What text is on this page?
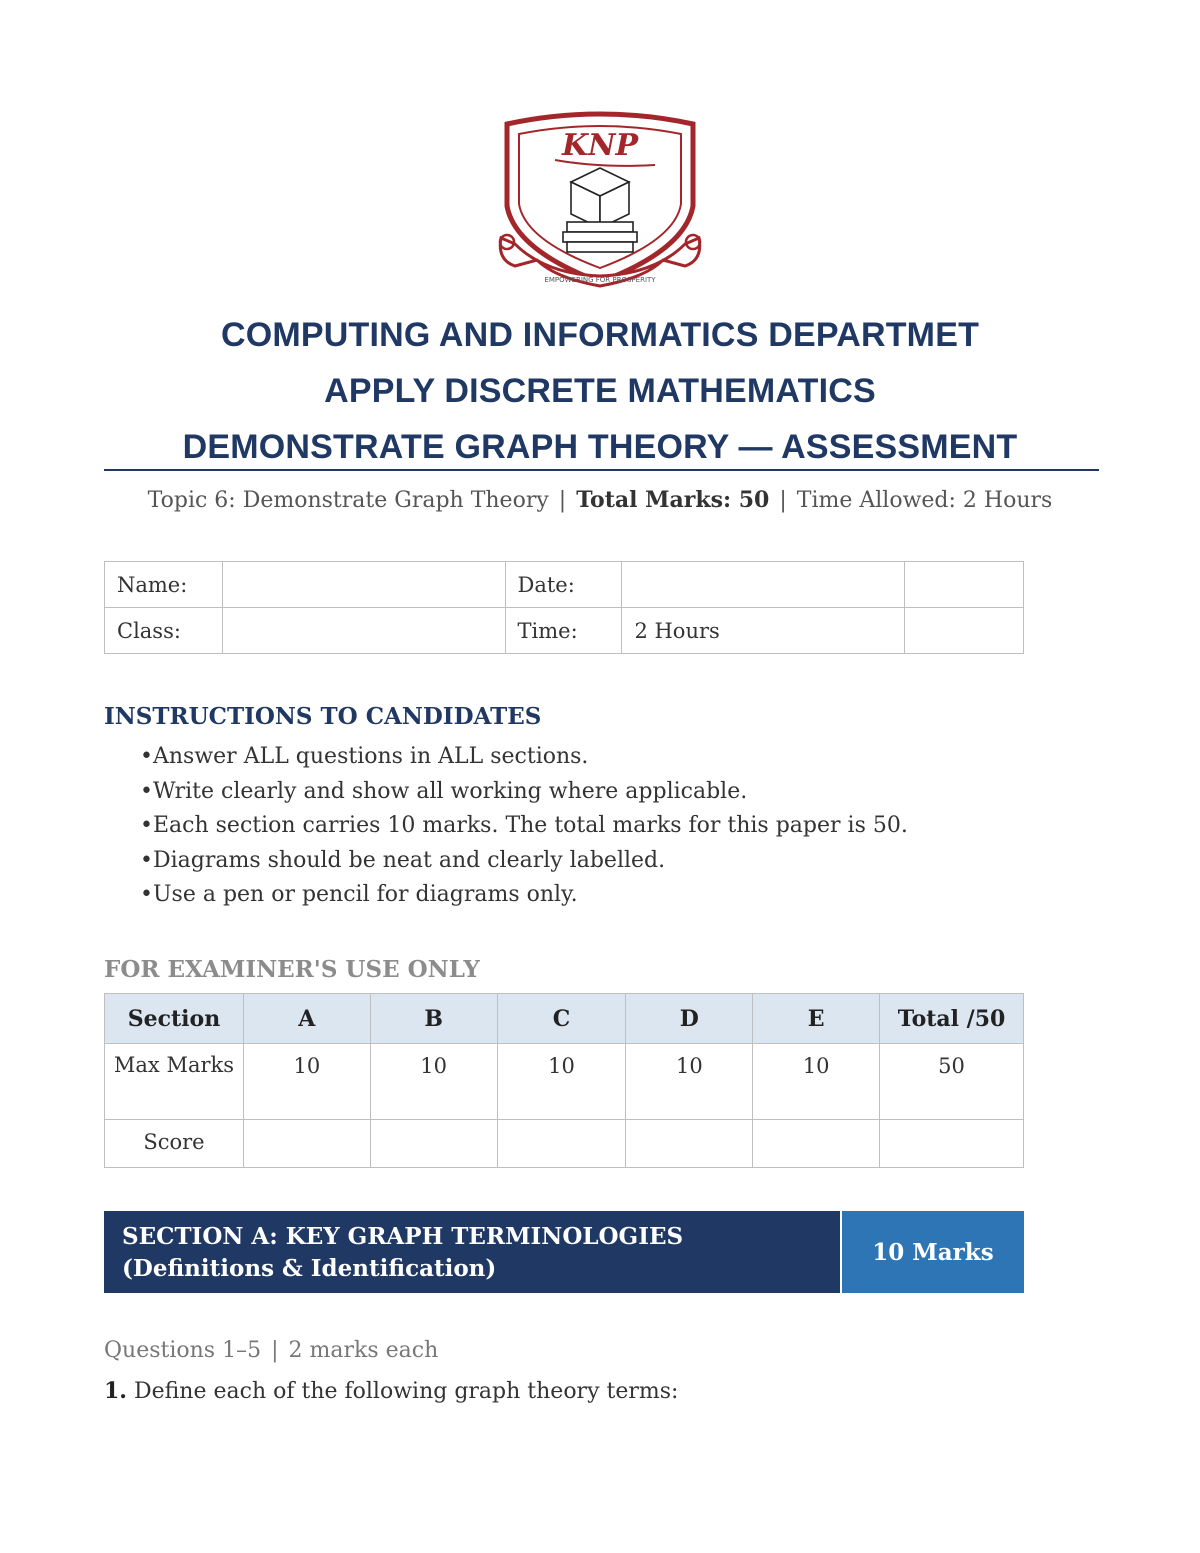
KNP
EMPOWERING FOR PROSPERITY
COMPUTING AND INFORMATICS DEPARTMET
APPLY DISCRETE MATHEMATICS
DEMONSTRATE GRAPH THEORY — ASSESSMENT
Topic 6: Demonstrate Graph Theory | Total Marks: 50 | Time Allowed: 2 Hours
Name:		Date:		
Class:		Time:	2 Hours	
INSTRUCTIONS TO CANDIDATES
• Answer ALL questions in ALL sections.
• Write clearly and show all working where applicable.
• Each section carries 10 marks. The total marks for this paper is 50.
• Diagrams should be neat and clearly labelled.
• Use a pen or pencil for diagrams only.
FOR EXAMINER'S USE ONLY
Section	A	B	C	D	E	Total /50
Max Marks	10	10	10	10	10	50
Score						
SECTION A: KEY GRAPH TERMINOLOGIES
(Definitions & Identification)
10 Marks
Questions 1–5 | 2 marks each
1. Define each of the following graph theory terms:
